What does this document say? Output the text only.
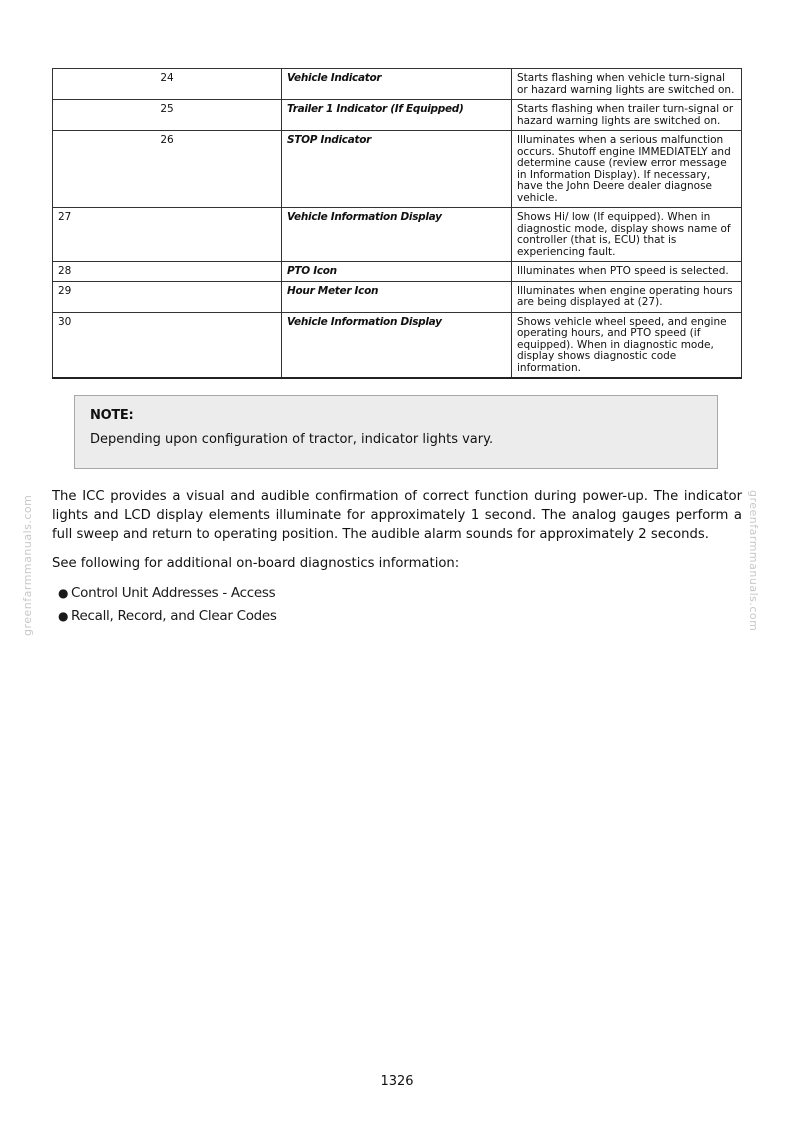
24	Vehicle Indicator	Starts flashing when vehicle turn-signal or hazard warning lights are switched on.
25	Trailer 1 Indicator (If Equipped)	Starts flashing when trailer turn-signal or hazard warning lights are switched on.
26	STOP Indicator	Illuminates when a serious malfunction occurs. Shutoff engine IMMEDIATELY and determine cause (review error message in Information Display). If necessary, have the John Deere dealer diagnose vehicle.
27	Vehicle Information Display	Shows Hi/ low (If equipped). When in diagnostic mode, display shows name of controller (that is, ECU) that is experiencing fault.
28	PTO Icon	Illuminates when PTO speed is selected.
29	Hour Meter Icon	Illuminates when engine operating hours are being displayed at (27).
30	Vehicle Information Display	Shows vehicle wheel speed, and engine operating hours, and PTO speed (if equipped). When in diagnostic mode, display shows diagnostic code information.
NOTE:
Depending upon configuration of tractor, indicator lights vary.
The ICC provides a visual and audible confirmation of correct function during power-up. The indicator lights and LCD display elements illuminate for approximately 1 second. The analog gauges perform a full sweep and return to operating position. The audible alarm sounds for approximately 2 seconds.
See following for additional on-board diagnostics information:
● Control Unit Addresses - Access
● Recall, Record, and Clear Codes
greenfarmmanuals.com	greenfarmmanuals.com
1326
